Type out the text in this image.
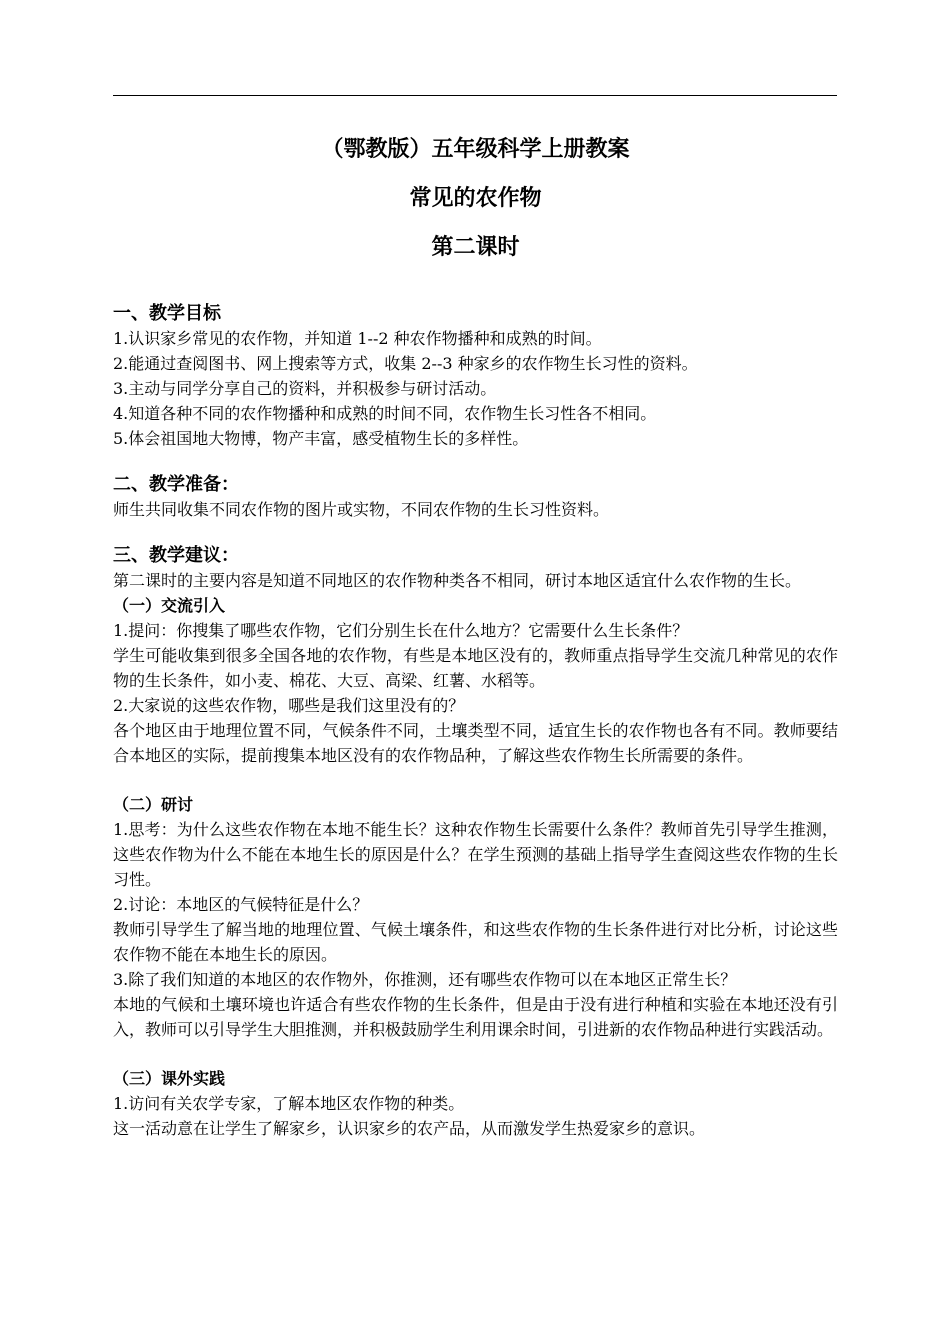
（鄂教版）五年级科学上册教案
常见的农作物
第二课时
一、教学目标
1.认识家乡常见的农作物，并知道 1--2 种农作物播种和成熟的时间。
2.能通过查阅图书、网上搜索等方式，收集 2--3 种家乡的农作物生长习性的资料。
3.主动与同学分享自己的资料，并积极参与研讨活动。
4.知道各种不同的农作物播种和成熟的时间不同，农作物生长习性各不相同。
5.体会祖国地大物博，物产丰富，感受植物生长的多样性。
二、教学准备：
师生共同收集不同农作物的图片或实物，不同农作物的生长习性资料。
三、教学建议：
第二课时的主要内容是知道不同地区的农作物种类各不相同，研讨本地区适宜什么农作物的生长。
（一）交流引入
1.提问：你搜集了哪些农作物，它们分别生长在什么地方？它需要什么生长条件？
学生可能收集到很多全国各地的农作物，有些是本地区没有的，教师重点指导学生交流几种常见的农作物的生长条件，如小麦、棉花、大豆、高梁、红薯、水稻等。
2.大家说的这些农作物，哪些是我们这里没有的？
各个地区由于地理位置不同，气候条件不同，土壤类型不同，适宜生长的农作物也各有不同。教师要结合本地区的实际，提前搜集本地区没有的农作物品种，了解这些农作物生长所需要的条件。
（二）研讨
1.思考：为什么这些农作物在本地不能生长？这种农作物生长需要什么条件？教师首先引导学生推测，这些农作物为什么不能在本地生长的原因是什么？在学生预测的基础上指导学生查阅这些农作物的生长习性。
2.讨论：本地区的气候特征是什么？
教师引导学生了解当地的地理位置、气候土壤条件，和这些农作物的生长条件进行对比分析，讨论这些农作物不能在本地生长的原因。
3.除了我们知道的本地区的农作物外，你推测，还有哪些农作物可以在本地区正常生长？
本地的气候和土壤环境也许适合有些农作物的生长条件，但是由于没有进行种植和实验在本地还没有引入，教师可以引导学生大胆推测，并积极鼓励学生利用课余时间，引进新的农作物品种进行实践活动。
（三）课外实践
1.访问有关农学专家，了解本地区农作物的种类。
这一活动意在让学生了解家乡，认识家乡的农产品，从而激发学生热爱家乡的意识。
